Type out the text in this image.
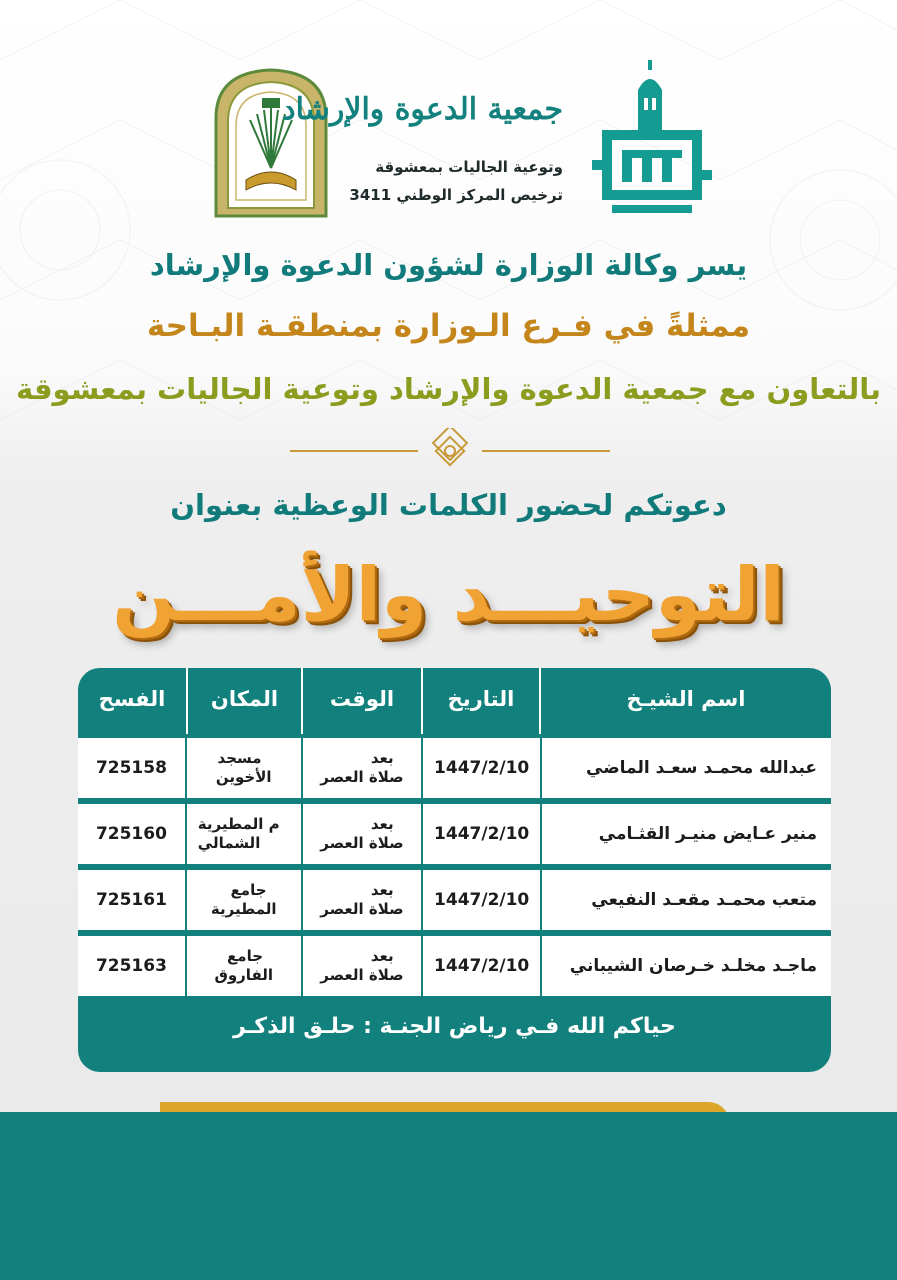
جمعية الدعوة والإرشاد
وتوعية الجاليات بمعشوقة
ترخيص المركز الوطني 3411
يسر وكالة الوزارة لشؤون الدعوة والإرشاد
ممثلةً في فـرع الـوزارة بمنطقـة البـاحة
بالتعاون مع جمعية الدعوة والإرشاد وتوعية الجاليات بمعشوقة
دعوتكم لحضور الكلمات الوعظية بعنوان
التوحيـــد والأمـــن
اسم الشيـخ
التاريخ
الوقت
المكان
الفسح
عبدالله محمـد سعـد الماضي
1447/2/10
بعد
صلاة العصر
مسجد
الأخوين
725158
منير عـايض منيـر القثـامي
1447/2/10
بعد
صلاة العصر
م المطيرية
الشمالي
725160
متعب محمـد مقعـد النفيعي
1447/2/10
بعد
صلاة العصر
جامع
المطيرية
725161
ماجـد مخلـد خـرصان الشيباني
1447/2/10
بعد
صلاة العصر
جامع
الفاروق
725163
حياكم الله فـي رياض الجنـة : حلـق الذكـر
